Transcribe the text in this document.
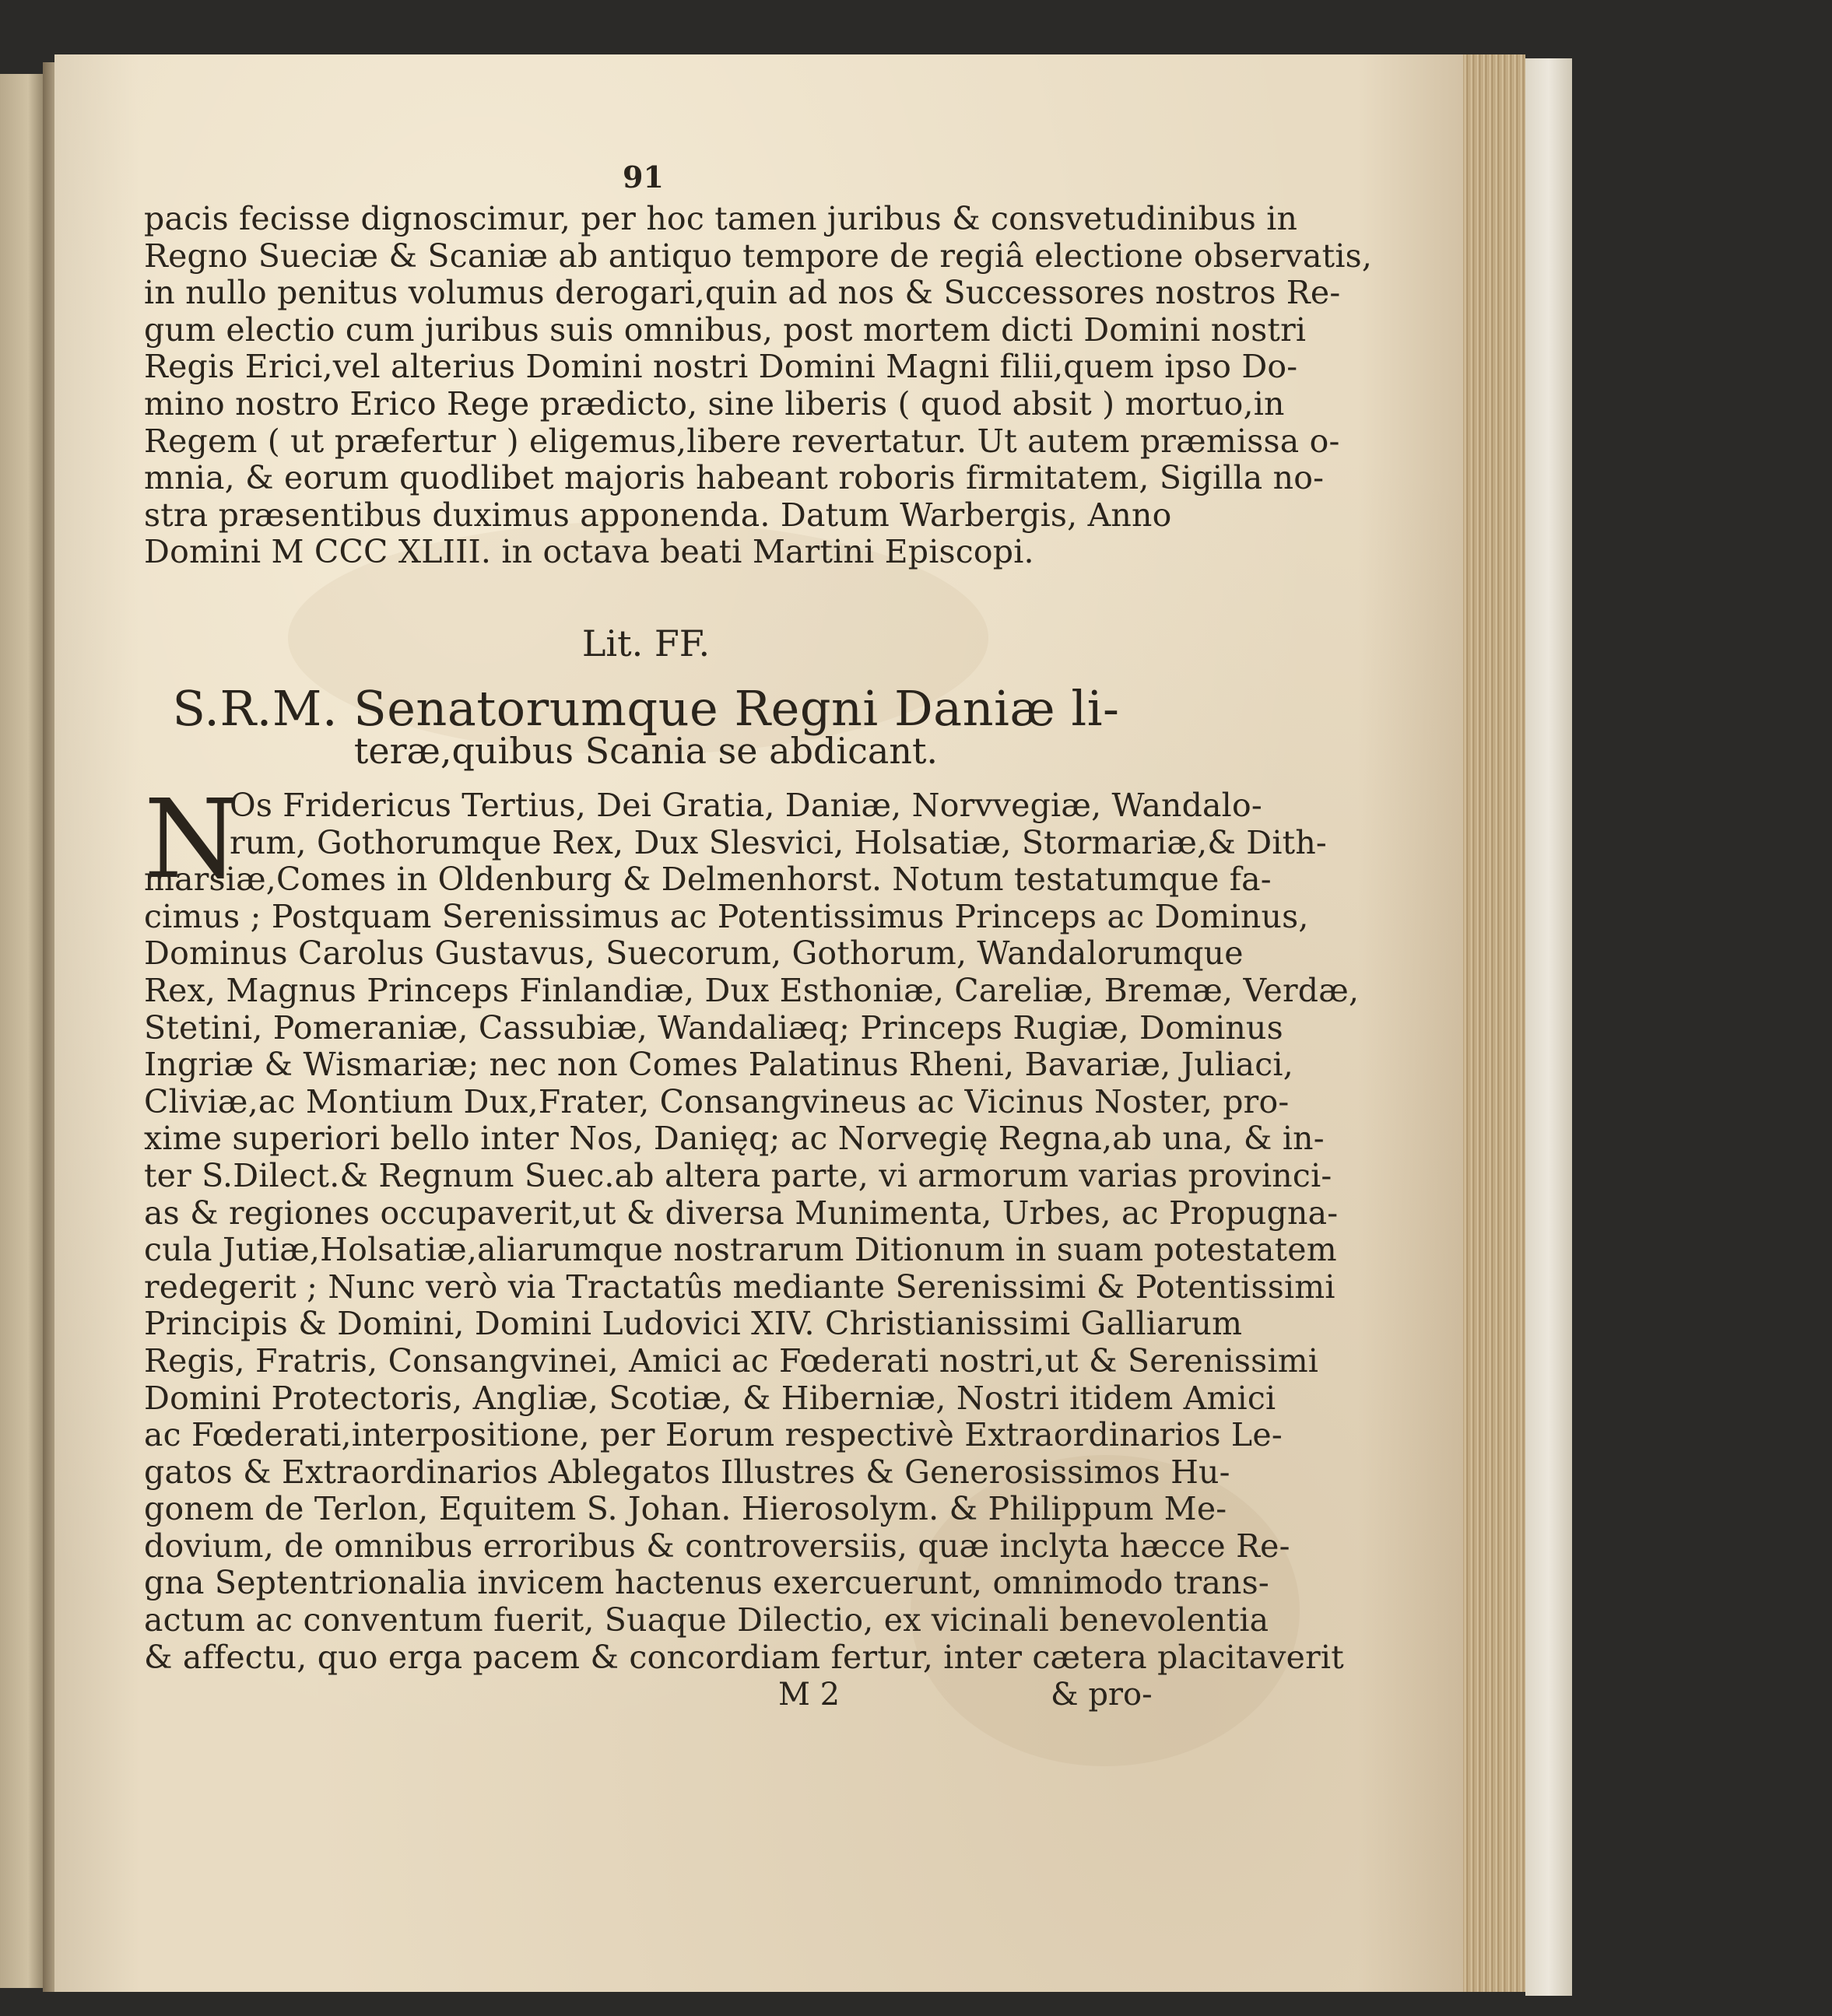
91
pacis fecisse dignoscimur, per hoc tamen juribus & consvetudinibus in
Regno Sueciæ & Scaniæ ab antiquo tempore de regiâ electione observatis,
in nullo penitus volumus derogari,quin ad nos & Successores nostros Re-
gum electio cum juribus suis omnibus, post mortem dicti Domini nostri
Regis Erici,vel alterius Domini nostri Domini Magni filii,quem ipso Do-
mino nostro Erico Rege prædicto, sine liberis ( quod absit ) mortuo,in
Regem ( ut præfertur ) eligemus,libere revertatur. Ut autem præmissa o-
mnia, & eorum quodlibet majoris habeant roboris firmitatem, Sigilla no-
stra præsentibus duximus apponenda. Datum Warbergis, Anno
Domini M CCC XLIII. in octava beati Martini Episcopi.
Lit. FF.
S.R.M. Senatorumque Regni Daniæ li-
teræ,quibus Scania se abdicant.
N
Os Fridericus Tertius, Dei Gratia, Daniæ, Norvvegiæ, Wandalo-
rum, Gothorumque Rex, Dux Slesvici, Holsatiæ, Stormariæ,& Dith-
marsiæ,Comes in Oldenburg & Delmenhorst. Notum testatumque fa-
cimus ; Postquam Serenissimus ac Potentissimus Princeps ac Dominus,
Dominus Carolus Gustavus, Suecorum, Gothorum, Wandalorumque
Rex, Magnus Princeps Finlandiæ, Dux Esthoniæ, Careliæ, Bremæ, Verdæ,
Stetini, Pomeraniæ, Cassubiæ, Wandaliæq; Princeps Rugiæ, Dominus
Ingriæ & Wismariæ; nec non Comes Palatinus Rheni, Bavariæ, Juliaci,
Cliviæ,ac Montium Dux,Frater, Consangvineus ac Vicinus Noster, pro-
xime superiori bello inter Nos, Danięq; ac Norvegię Regna,ab una, & in-
ter S.Dilect.& Regnum Suec.ab altera parte, vi armorum varias provinci-
as & regiones occupaverit,ut & diversa Munimenta, Urbes, ac Propugna-
cula Jutiæ,Holsatiæ,aliarumque nostrarum Ditionum in suam potestatem
redegerit ; Nunc verò via Tractatûs mediante Serenissimi & Potentissimi
Principis & Domini, Domini Ludovici XIV. Christianissimi Galliarum
Regis, Fratris, Consangvinei, Amici ac Fœderati nostri,ut & Serenissimi
Domini Protectoris, Angliæ, Scotiæ, & Hiberniæ, Nostri itidem Amici
ac Fœderati,interpositione, per Eorum respectivè Extraordinarios Le-
gatos & Extraordinarios Ablegatos Illustres & Generosissimos Hu-
gonem de Terlon, Equitem S. Johan. Hierosolym. & Philippum Me-
dovium, de omnibus erroribus & controversiis, quæ inclyta hæcce Re-
gna Septentrionalia invicem hactenus exercuerunt, omnimodo trans-
actum ac conventum fuerit, Suaque Dilectio, ex vicinali benevolentia
& affectu, quo erga pacem & concordiam fertur, inter cætera placitaverit
M 2	& pro-
